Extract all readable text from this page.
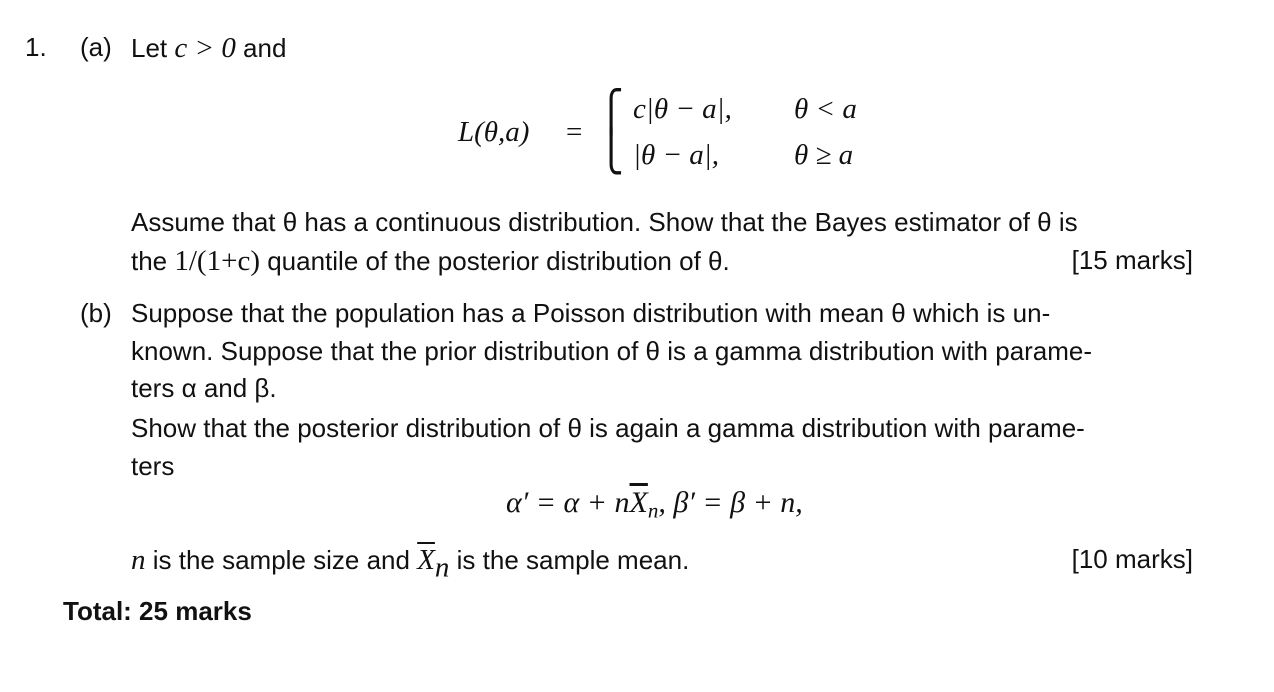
1. (a) Let c > 0 and
L(θ,a) = ⎧
⎩
c|θ − a|,
|θ − a|,
θ < a
θ ≥ a
Assume that θ has a continuous distribution. Show that the Bayes estimator of θ is
the 1/(1+c) quantile of the posterior distribution of θ.	[15 marks]
(b) Suppose that the population has a Poisson distribution with mean θ which is un-
known. Suppose that the prior distribution of θ is a gamma distribution with parame-
ters α and β.
Show that the posterior distribution of θ is again a gamma distribution with parame-
ters
$\alpha' = \alpha + n\overline{X}_n$, β′ = β + n,
n is the sample size and $\overline{X}n$ is the sample mean.	[10 marks]
Total: 25 marks
